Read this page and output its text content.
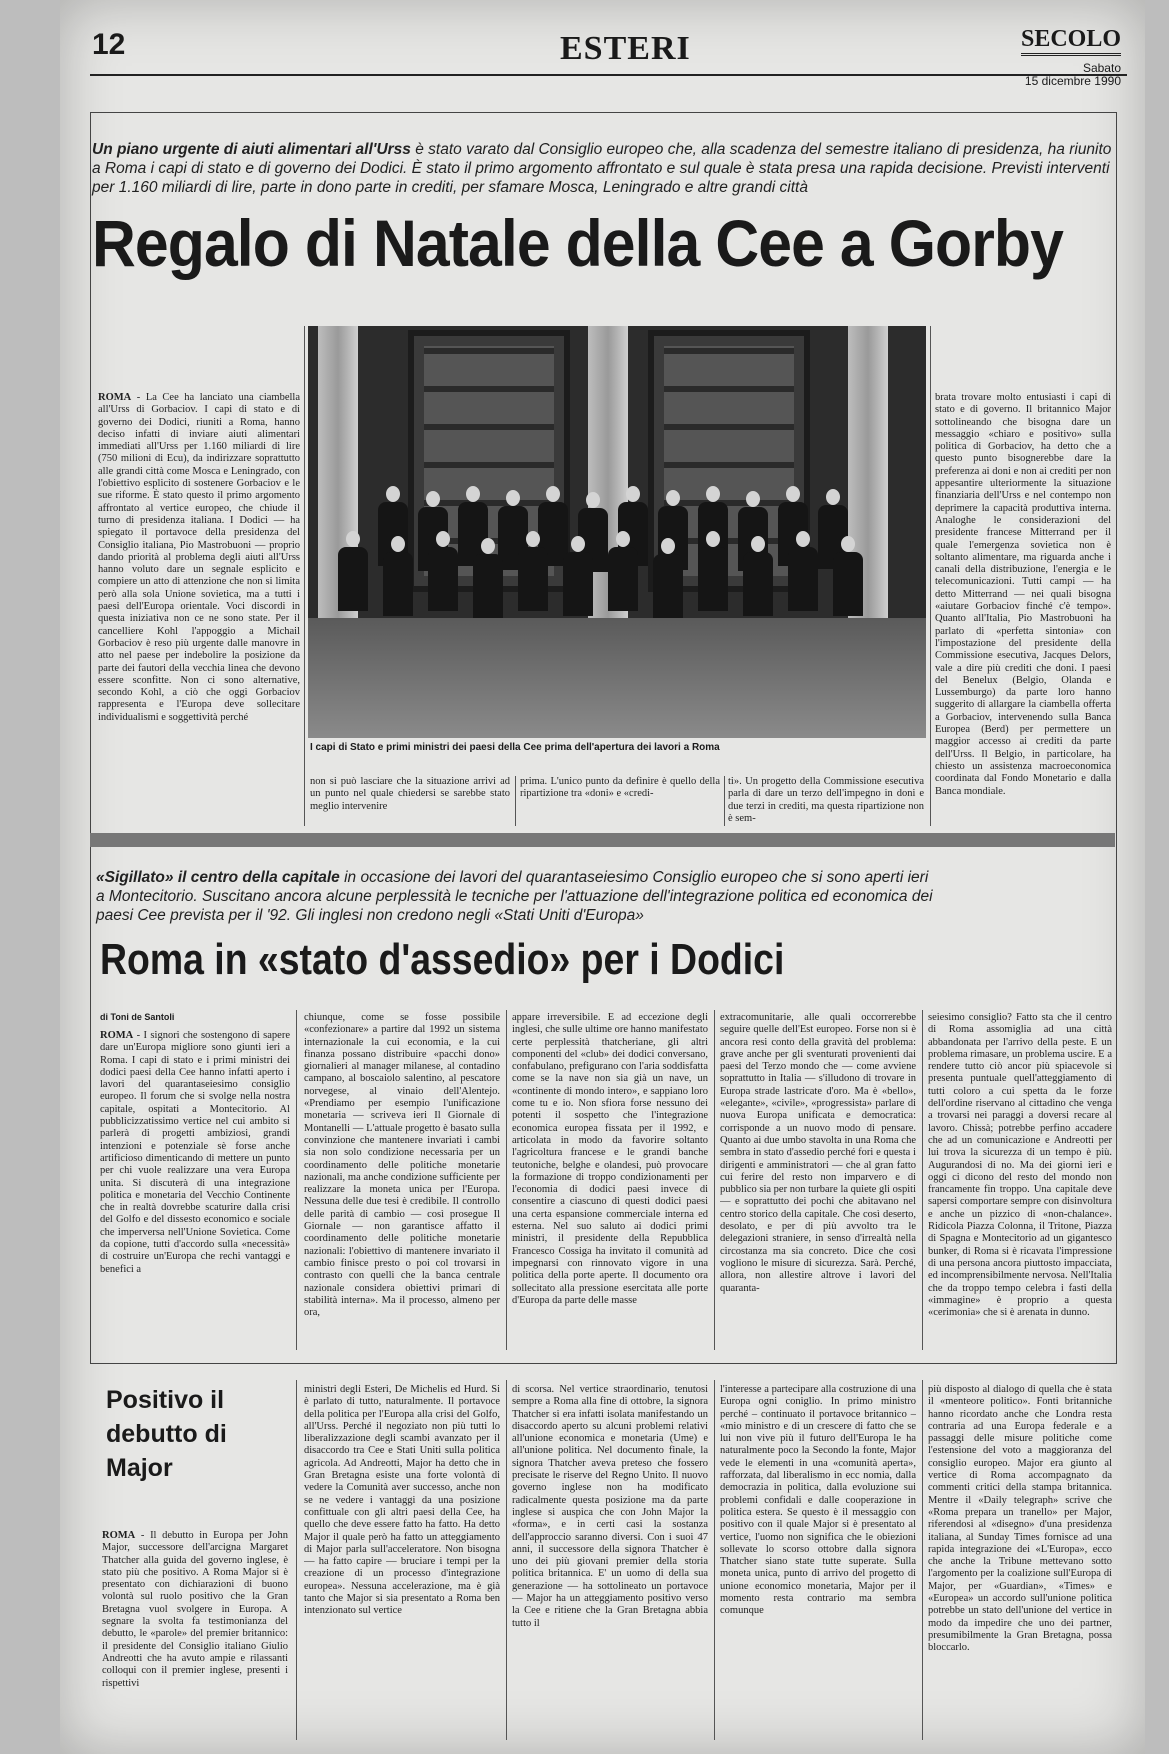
12	ESTERI	SECOLO
Sabato
15 dicembre 1990
Un piano urgente di aiuti alimentari all'Urss è stato varato dal Consiglio europeo che, alla scadenza del semestre italiano di presidenza, ha riunito a Roma i capi di stato e di governo dei Dodici. È stato il primo argomento affrontato e sul quale è stata presa una rapida decisione. Previsti interventi per 1.160 miliardi di lire, parte in dono parte in crediti, per sfamare Mosca, Leningrado e altre grandi città
Regalo di Natale della Cee a Gorby
I capi di Stato e primi ministri dei paesi della Cee prima dell'apertura dei lavori a Roma
ROMA - La Cee ha lanciato una ciambella all'Urss di Gorbaciov. I capi di stato e di governo dei Dodici, riuniti a Roma, hanno deciso infatti di inviare aiuti alimentari immediati all'Urss per 1.160 miliardi di lire (750 milioni di Ecu), da indirizzare soprattutto alle grandi città come Mosca e Leningrado, con l'obiettivo esplicito di sostenere Gorbaciov e le sue riforme. È stato questo il primo argomento affrontato al vertice europeo, che chiude il turno di presidenza italiana. I Dodici — ha spiegato il portavoce della presidenza del Consiglio italiana, Pio Mastrobuoni — proprio dando priorità al problema degli aiuti all'Urss hanno voluto dare un segnale esplicito e compiere un atto di attenzione che non si limita però alla sola Unione sovietica, ma a tutti i paesi dell'Europa orientale. Voci discordi in questa iniziativa non ce ne sono state. Per il cancelliere Kohl l'appoggio a Michail Gorbaciov è reso più urgente dalle manovre in atto nel paese per indebolire la posizione da parte dei fautori della vecchia linea che devono essere sconfitte. Non ci sono alternative, secondo Kohl, a ciò che oggi Gorbaciov rappresenta e l'Europa deve sollecitare individualismi e soggettività perché
brata trovare molto entusiasti i capi di stato e di governo. Il britannico Major sottolineando che bisogna dare un messaggio «chiaro e positivo» sulla politica di Gorbaciov, ha detto che a questo punto bisognerebbe dare la preferenza ai doni e non ai crediti per non appesantire ulteriormente la situazione finanziaria dell'Urss e nel contempo non deprimere la capacità produttiva interna. Analoghe le considerazioni del presidente francese Mitterrand per il quale l'emergenza sovietica non è soltanto alimentare, ma riguarda anche i canali della distribuzione, l'energia e le telecomunicazioni. Tutti campi — ha detto Mitterrand — nei quali bisogna «aiutare Gorbaciov finché c'è tempo». Quanto all'Italia, Pio Mastrobuoni ha parlato di «perfetta sintonia» con l'impostazione del presidente della Commissione esecutiva, Jacques Delors, vale a dire più crediti che doni. I paesi del Benelux (Belgio, Olanda e Lussemburgo) da parte loro hanno suggerito di allargare la ciambella offerta a Gorbaciov, intervenendo sulla Banca Europea (Berd) per permettere un maggior accesso ai crediti da parte dell'Urss. Il Belgio, in particolare, ha chiesto un assistenza macroeconomica coordinata dal Fondo Monetario e dalla Banca mondiale.
non si può lasciare che la situazione arrivi ad un punto nel quale chiedersi se sarebbe stato meglio intervenire
prima. L'unico punto da definire è quello della ripartizione tra «doni» e «credi-
ti». Un progetto della Commissione esecutiva parla di dare un terzo dell'impegno in doni e due terzi in crediti, ma questa ripartizione non è sem-
«Sigillato» il centro della capitale in occasione dei lavori del quarantaseiesimo Consiglio europeo che si sono aperti ieri a Montecitorio. Suscitano ancora alcune perplessità le tecniche per l'attuazione dell'integrazione politica ed economica dei paesi Cee prevista per il '92. Gli inglesi non credono negli «Stati Uniti d'Europa»
Roma in «stato d'assedio» per i Dodici
di Toni de Santoli
ROMA - I signori che sostengono di sapere dare un'Europa migliore sono giunti ieri a Roma. I capi di stato e i primi ministri dei dodici paesi della Cee hanno infatti aperto i lavori del quarantaseiesimo consiglio europeo. Il forum che si svolge nella nostra capitale, ospitati a Montecitorio. Al pubblicizzatissimo vertice nel cui ambito si parlerà di progetti ambiziosi, grandi intenzioni e potenziale sè forse anche artificioso dimenticando di mettere un punto per chi vuole realizzare una vera Europa unita. Si discuterà di una integrazione politica e monetaria del Vecchio Continente che in realtà dovrebbe scaturire dalla crisi del Golfo e del dissesto economico e sociale che imperversa nell'Unione Sovietica. Come da copione, tutti d'accordo sulla «necessità» di costruire un'Europa che rechi vantaggi e benefici a
chiunque, come se fosse possibile «confezionare» a partire dal 1992 un sistema internazionale la cui economia, e la cui finanza possano distribuire «pacchi dono» giornalieri al manager milanese, al contadino campano, al boscaiolo salentino, al pescatore norvegese, al vinaio dell'Alentejo. «Prendiamo per esempio l'unificazione monetaria — scriveva ieri Il Giornale di Montanelli — L'attuale progetto è basato sulla convinzione che mantenere invariati i cambi sia non solo condizione necessaria per un coordinamento delle politiche monetarie nazionali, ma anche condizione sufficiente per realizzare la moneta unica per l'Europa. Nessuna delle due tesi è credibile. Il controllo delle parità di cambio — così prosegue Il Giornale — non garantisce affatto il coordinamento delle politiche monetarie nazionali: l'obiettivo di mantenere invariato il cambio finisce presto o poi col trovarsi in contrasto con quelli che la banca centrale nazionale considera obiettivi primari di stabilità interna». Ma il processo, almeno per ora,
appare irreversibile. E ad eccezione degli inglesi, che sulle ultime ore hanno manifestato certe perplessità thatcheriane, gli altri componenti del «club» dei dodici conversano, confabulano, prefigurano con l'aria soddisfatta come se la nave non sia già un nave, un «continente di mondo intero», e sappiano loro come tu e io. Non sfiora forse nessuno dei potenti il sospetto che l'integrazione economica europea fissata per il 1992, e articolata in modo da favorire soltanto l'agricoltura francese e le grandi banche teutoniche, belghe e olandesi, può provocare la formazione di troppo condizionamenti per l'economia di dodici paesi invece di consentire a ciascuno di questi dodici paesi una certa espansione commerciale interna ed esterna. Nel suo saluto ai dodici primi ministri, il presidente della Repubblica Francesco Cossiga ha invitato il comunità ad impegnarsi con rinnovato vigore in una politica della porte aperte. Il documento ora sollecitato alla pressione esercitata alle porte d'Europa da parte delle masse
extracomunitarie, alle quali occorrerebbe seguire quelle dell'Est europeo. Forse non si è ancora resi conto della gravità del problema: grave anche per gli sventurati provenienti dai paesi del Terzo mondo che — come avviene soprattutto in Italia — s'illudono di trovare in Europa strade lastricate d'oro. Ma è «bello», «elegante», «civile», «progressista» parlare di nuova Europa unificata e democratica: corrisponde a un nuovo modo di pensare. Quanto ai due umbo stavolta in una Roma che sembra in stato d'assedio perché fori e questa i dirigenti e amministratori — che al gran fatto cui ferire del resto non imparvero e di pubblico sia per non turbare la quiete gli ospiti — e soprattutto dei pochi che abitavano nel centro storico della capitale. Che così deserto, desolato, e per di più avvolto tra le delegazioni straniere, in senso d'irrealtà nella circostanza ma sia concreto. Dice che così vogliono le misure di sicurezza. Sarà. Perché, allora, non allestire altrove i lavori del quaranta-
seiesimo consiglio? Fatto sta che il centro di Roma assomiglia ad una città abbandonata per l'arrivo della peste. E un problema rimasare, un problema uscire. E a rendere tutto ciò ancor più spiacevole si presenta puntuale quell'atteggiamento di tutti coloro a cui spetta da le forze dell'ordine riservano al cittadino che venga a trovarsi nei paraggi a doversi recare al lavoro. Chissà; potrebbe perfino accadere che ad un comunicazione e Andreotti per lui trova la sicurezza di un tempo è più. Augurandosi di no. Ma dei giorni ieri e oggi ci dicono del resto del mondo non francamente fin troppo. Una capitale deve sapersi comportare sempre con disinvoltura e anche un pizzico di «non-chalance». Ridicola Piazza Colonna, il Tritone, Piazza di Spagna e Montecitorio ad un gigantesco bunker, di Roma si è ricavata l'impressione di una persona ancora piuttosto impacciata, ed incomprensibilmente nervosa. Nell'Italia che da troppo tempo celebra i fasti della «immagine» è proprio a questa «cerimonia» che si è arenata in dunno.
Positivo il debutto di Major
ROMA - Il debutto in Europa per John Major, successore dell'arcigna Margaret Thatcher alla guida del governo inglese, è stato più che positivo. A Roma Major si è presentato con dichiarazioni di buono volontà sul ruolo positivo che la Gran Bretagna vuol svolgere in Europa. A segnare la svolta fa testimonianza del debutto, le «parole» del premier britannico: il presidente del Consiglio italiano Giulio Andreotti che ha avuto ampie e rilassanti colloqui con il premier inglese, presenti i rispettivi
ministri degli Esteri, De Michelis ed Hurd. Si è parlato di tutto, naturalmente. Il portavoce della politica per l'Europa alla crisi del Golfo, all'Urss. Perché il negoziato non più tutti lo liberalizzazione degli scambi avanzato per il disaccordo tra Cee e Stati Uniti sulla politica agricola. Ad Andreotti, Major ha detto che in Gran Bretagna esiste una forte volontà di vedere la Comunità aver successo, anche non se ne vedere i vantaggi da una posizione confittuale con gli altri paesi della Cee, ha quello che deve essere fatto ha fatto. Ha detto Major il quale però ha fatto un atteggiamento di Major parla sull'acceleratore. Non bisogna — ha fatto capire — bruciare i tempi per la creazione di un processo d'integrazione europea». Nessuna accelerazione, ma è già tanto che Major si sia presentato a Roma ben intenzionato sul vertice
di scorsa. Nel vertice straordinario, tenutosi sempre a Roma alla fine di ottobre, la signora Thatcher si era infatti isolata manifestando un disaccordo aperto su alcuni problemi relativi all'unione economica e monetaria (Ume) e all'unione politica. Nel documento finale, la signora Thatcher aveva preteso che fossero precisate le riserve del Regno Unito. Il nuovo governo inglese non ha modificato radicalmente questa posizione ma da parte inglese si auspica che con John Major la «forma», e in certi casi la sostanza dell'approccio saranno diversi. Con i suoi 47 anni, il successore della signora Thatcher è uno dei più giovani premier della storia politica britannica. E' un uomo di della sua generazione — ha sottolineato un portavoce — Major ha un atteggiamento positivo verso la Cee e ritiene che la Gran Bretagna abbia tutto il
l'interesse a partecipare alla costruzione di una Europa ogni coniglio. In primo ministro perché – continuato il portavoce britannico – «mio ministro e di un crescere di fatto che se lui non vive più il futuro dell'Europa le ha naturalmente poco la Secondo la fonte, Major vede le elementi in una «comunità aperta», rafforzata, dal liberalismo in ecc nomia, dalla democrazia in politica, dalla evoluzione sui problemi confidali e dalle cooperazione in politica estera. Se questo è il messaggio con positivo con il quale Major si è presentato al vertice, l'uomo non significa che le obiezioni sollevate lo scorso ottobre dalla signora Thatcher siano state tutte superate. Sulla moneta unica, punto di arrivo del progetto di unione economico monetaria, Major per il momento resta contrario ma sembra comunque
più disposto al dialogo di quella che è stata il «menteore politico». Fonti britanniche hanno ricordato anche che Londra resta contraria ad una Europa federale e a passaggi delle misure politiche come l'estensione del voto a maggioranza del consiglio europeo. Major era giunto al vertice di Roma accompagnato da commenti critici della stampa britannica. Mentre il «Daily telegraph» scrive che «Roma prepara un tranello» per Major, riferendosi al «disegno» d'una presidenza italiana, al Sunday Times fornisce ad una rapida integrazione dei «L'Europa», ecco che anche la Tribune mettevano sotto l'argomento per la coalizione sull'Europa di Major, per «Guardian», «Times» e «Europea» un accordo sull'unione politica potrebbe un stato dell'unione del vertice in modo da impedire che uno dei partner, presumibilmente la Gran Bretagna, possa bloccarlo.
